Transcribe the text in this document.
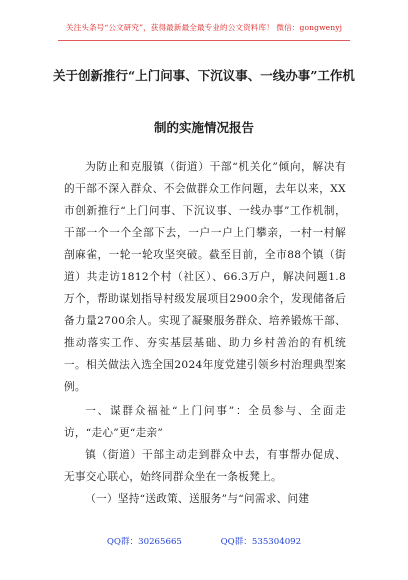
关注头条号“公文研究”，获得最新最全最专业的公文资料库！ 微信：gongwenyj
关于创新推行“上门问事、下沉议事、一线办事”工作机
制的实施情况报告

为防止和克服镇（街道）干部“机关化”倾向，解决有的干部不深入群众、不会做群众工作问题，去年以来，XX市创新推行“上门问事、下沉议事、一线办事”工作机制，干部一个一个全部下去，一户一户上门攀亲，一村一村解剖麻雀，一轮一轮攻坚突破。截至目前，全市88个镇（街道）共走访1812个村（社区）、66.3万户，解决问题1.8万个，帮助谋划指导村级发展项目2900余个，发现储备后备力量2700余人。实现了凝聚服务群众、培养锻炼干部、推动落实工作、夯实基层基础、助力乡村善治的有机统一。相关做法入选全国2024年度党建引领乡村治理典型案例。

一、谋群众福祉“上门问事”：全员参与、全面走访，“走心”更“走亲”

镇（街道）干部主动走到群众中去，有事帮办促成、无事交心联心，始终同群众坐在一条板凳上。

（一）坚持“送政策、送服务”与“问需求、问建

QQ群：30265665	QQ群：535304092
